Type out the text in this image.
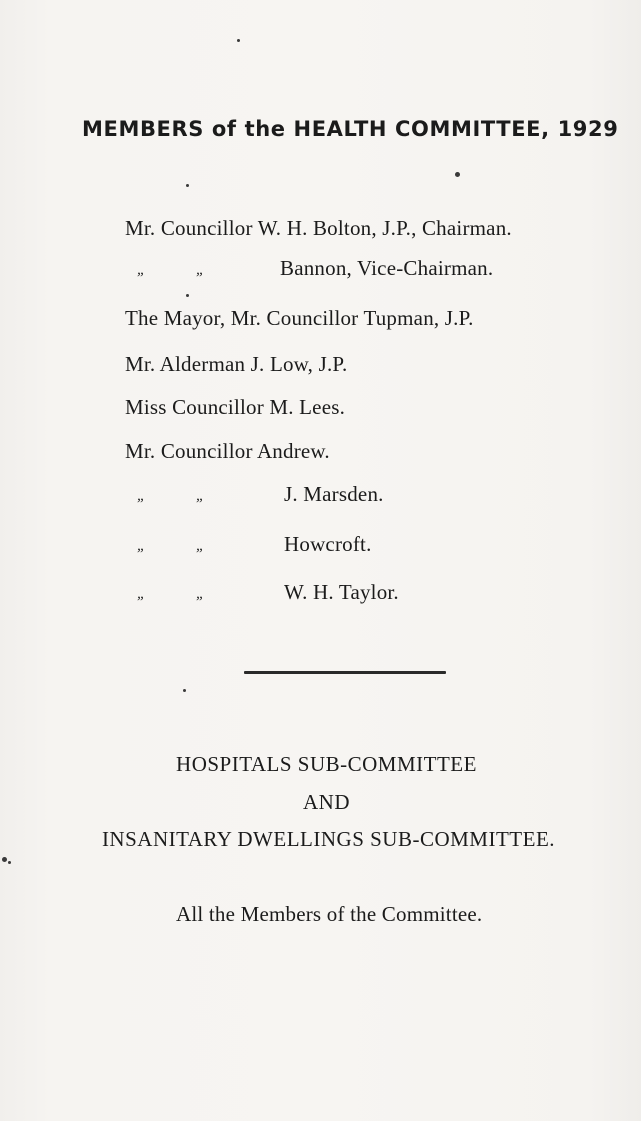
MEMBERS of the HEALTH COMMITTEE, 1929
Mr. Councillor W. H. Bolton, J.P., Chairman.
„	„	Bannon, Vice-Chairman.
The Mayor, Mr. Councillor Tupman, J.P.
Mr. Alderman J. Low, J.P.
Miss Councillor M. Lees.
Mr. Councillor Andrew.
„	„	J. Marsden.
„	„	Howcroft.
„	„	W. H. Taylor.
HOSPITALS SUB-COMMITTEE
AND
INSANITARY DWELLINGS SUB-COMMITTEE.
All the Members of the Committee.
